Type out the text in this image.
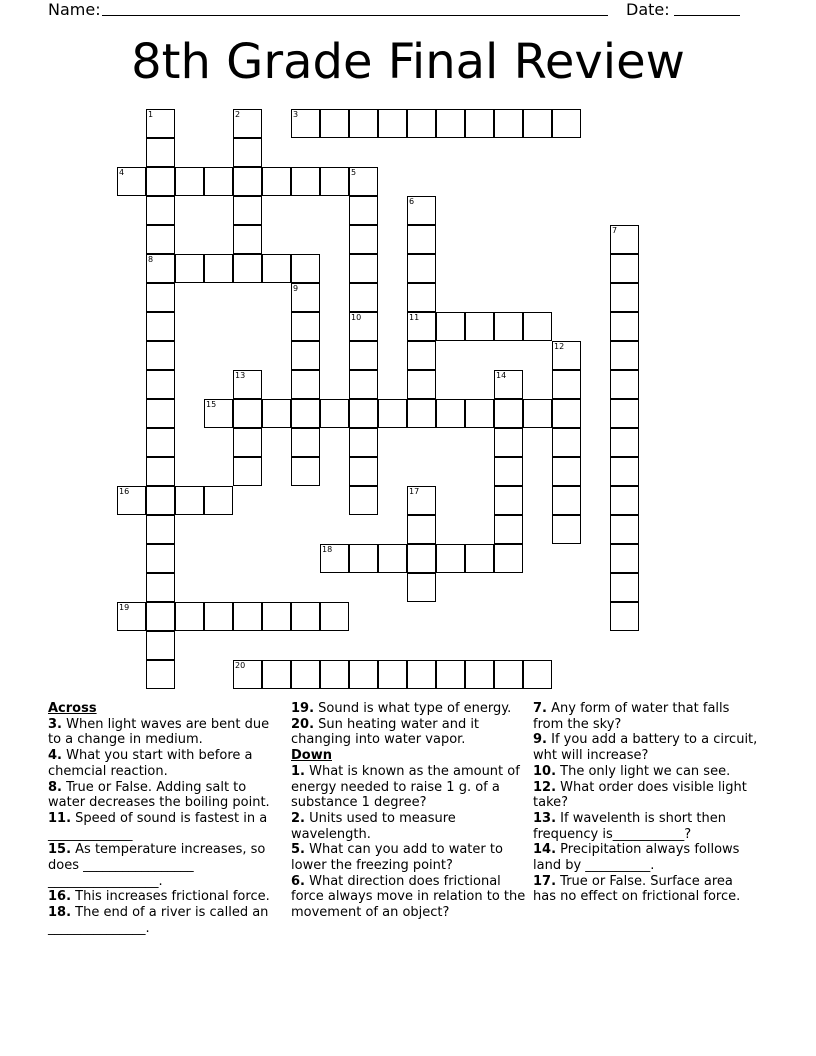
Name:	Date:
8th Grade Final Review
1
8
2	3
4	5
6
11
7
9
10
12
13	14
15
16	17
18
19
20
Across
3. When light waves are bent due to a change in medium.
4. What you start with before a chemcial reaction.
8. True or False. Adding salt to water decreases the boiling point.
11. Speed of sound is fastest in a _____________
15. As temperature increases, so does _________________ _________________.
16. This increases frictional force.
18. The end of a river is called an _______________.
19. Sound is what type of energy.
20. Sun heating water and it changing into water vapor.
Down
1. What is known as the amount of energy needed to raise 1 g. of a substance 1 degree?
2. Units used to measure wavelength.
5. What can you add to water to lower the freezing point?
6. What direction does frictional force always move in relation to the movement of an object?
7. Any form of water that falls from the sky?
9. If you add a battery to a circuit, wht will increase?
10. The only light we can see.
12. What order does visible light take?
13. If wavelenth is short then frequency is___________?
14. Precipitation always follows land by __________.
17. True or False. Surface area has no effect on frictional force.
